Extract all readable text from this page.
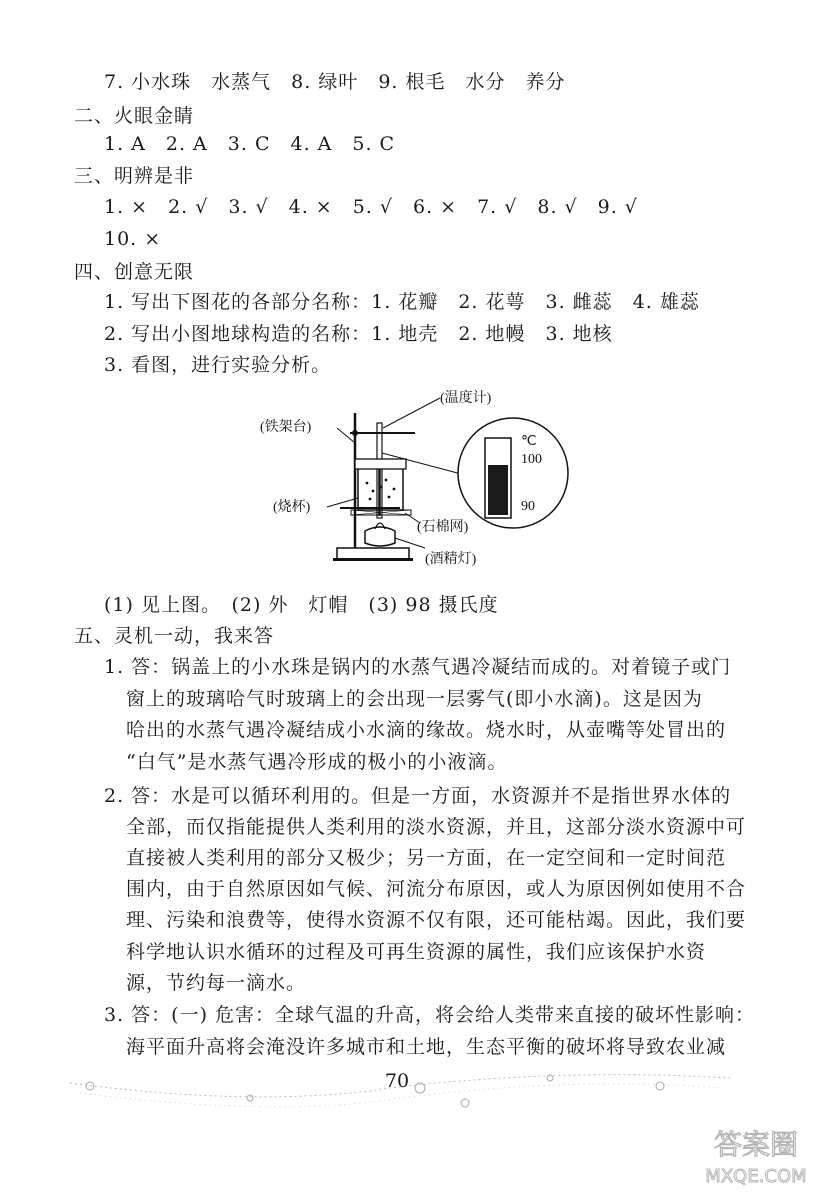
7. 小水珠　水蒸气　8. 绿叶　9. 根毛　水分　养分
二、火眼金睛
1. A　2. A　3. C　4. A　5. C
三、明辨是非
1. ×　2. √　3. √　4. ×　5. √　6. ×　7. √　8. √　9. √
10. ×
四、创意无限
1. 写出下图花的各部分名称：1. 花瓣　2. 花萼　3. 雌蕊　4. 雄蕊
2. 写出小图地球构造的名称：1. 地壳　2. 地幔　3. 地核
3. 看图，进行实验分析。
(温度计)
(铁架台)
(烧杯)
(石棉网)
(酒精灯)
℃
100
90
(1) 见上图。　(2) 外　灯帽　(3) 98 摄氏度
五、灵机一动，我来答
1. 答：锅盖上的小水珠是锅内的水蒸气遇冷凝结而成的。对着镜子或门
窗上的玻璃哈气时玻璃上的会出现一层雾气(即小水滴)。这是因为
哈出的水蒸气遇冷凝结成小水滴的缘故。烧水时，从壶嘴等处冒出的
“白气”是水蒸气遇冷形成的极小的小液滴。
2. 答：水是可以循环利用的。但是一方面，水资源并不是指世界水体的
全部，而仅指能提供人类利用的淡水资源，并且，这部分淡水资源中可
直接被人类利用的部分又极少；另一方面，在一定空间和一定时间范
围内，由于自然原因如气候、河流分布原因，或人为原因例如使用不合
理、污染和浪费等，使得水资源不仅有限，还可能枯竭。因此，我们要
科学地认识水循环的过程及可再生资源的属性，我们应该保护水资
源，节约每一滴水。
3. 答：(一) 危害：全球气温的升高，将会给人类带来直接的破坏性影响：
海平面升高将会淹没许多城市和土地，生态平衡的破坏将导致农业减
70
答案圈
MXQE.COM
